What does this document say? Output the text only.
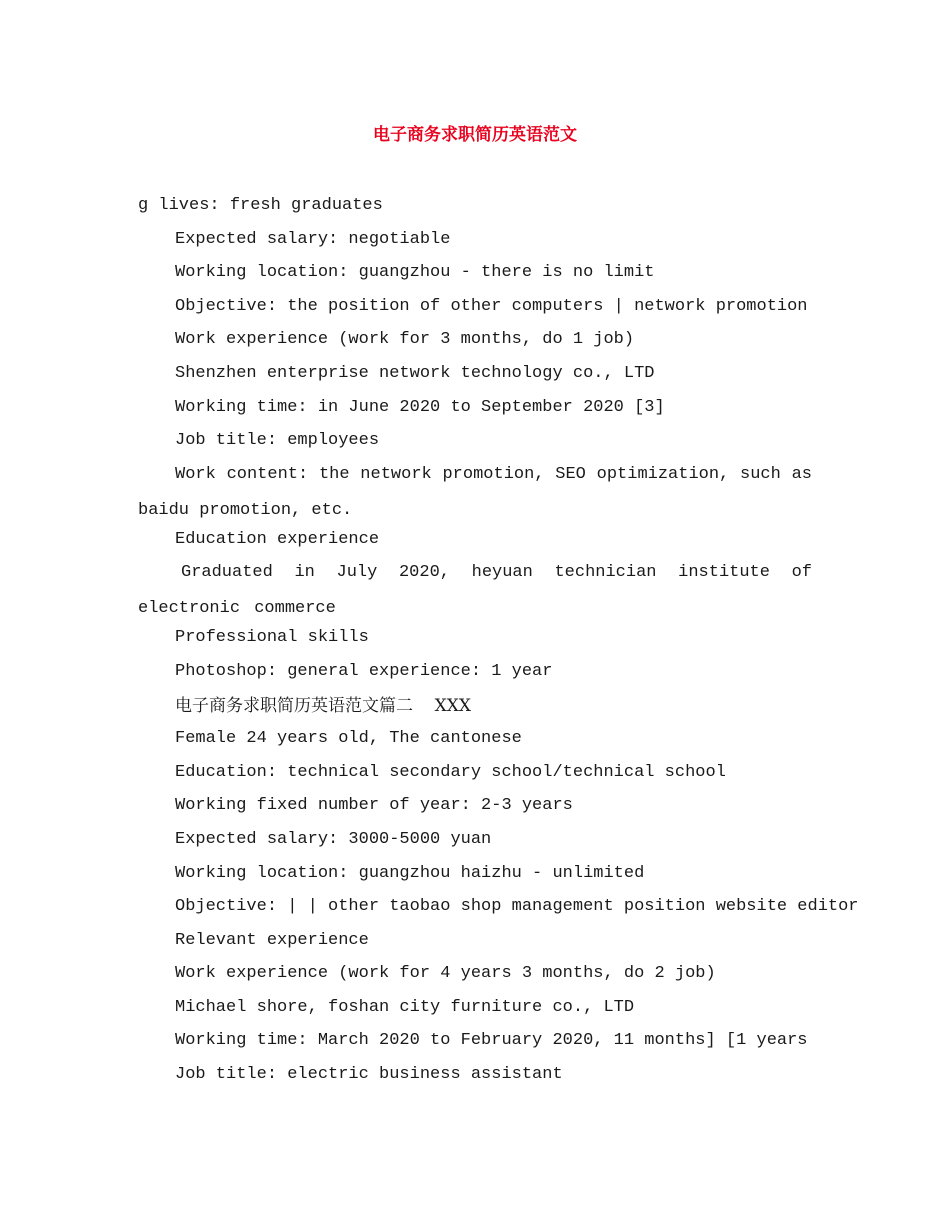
电子商务求职简历英语范文
g lives: fresh graduates
Expected salary: negotiable
Working location: guangzhou - there is no limit
Objective: the position of other computers | network promotion
Work experience (work for 3 months, do 1 job)
Shenzhen enterprise network technology co., LTD
Working time: in June 2020 to September 2020 [3]
Job title: employees
Work content: the network promotion, SEO optimization, such as baidu promotion, etc.
Education experience
Graduated in July 2020, heyuan technician institute of electronic commerce
Professional skills
Photoshop: general experience: 1 year
电子商务求职简历英语范文篇二    XXX
Female 24 years old, The cantonese
Education: technical secondary school/technical school
Working fixed number of year: 2-3 years
Expected salary: 3000-5000 yuan
Working location: guangzhou haizhu - unlimited
Objective: | | other taobao shop management position website editor
Relevant experience
Work experience (work for 4 years 3 months, do 2 job)
Michael shore, foshan city furniture co., LTD
Working time: March 2020 to February 2020, 11 months] [1 years
Job title: electric business assistant
